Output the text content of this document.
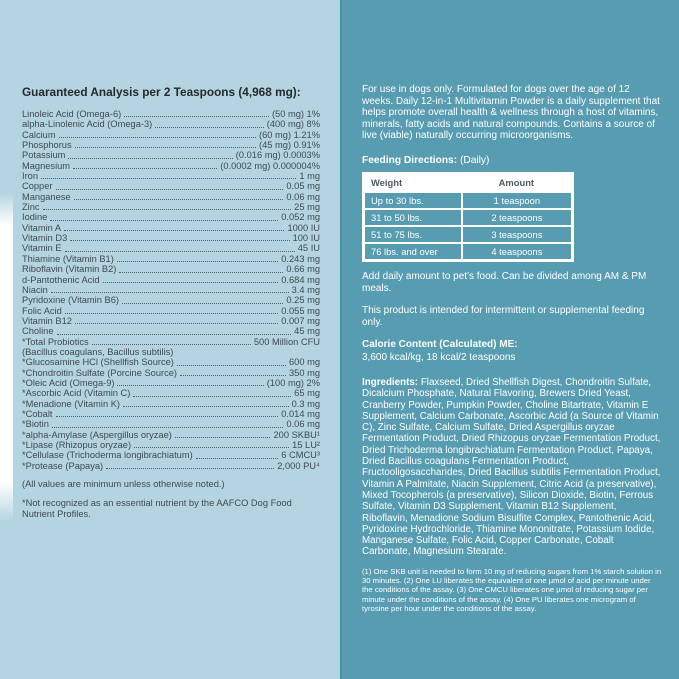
Guaranteed Analysis per 2 Teaspoons (4,968 mg):
Linoleic Acid (Omega-6)	(50 mg) 1%
alpha-Linolenic Acid (Omega-3)	(400 mg) 8%
Calcium	(60 mg) 1.21%
Phosphorus	(45 mg) 0.91%
Potassium	(0.016 mg) 0.0003%
Magnesium	(0.0002 mg) 0.000004%
Iron	1 mg
Copper	0.05 mg
Manganese	0.06 mg
Zinc	25 mg
Iodine	0.052 mg
Vitamin A	1000 IU
Vitamin D3	100 IU
Vitamin E	45 IU
Thiamine (Vitamin B1)	0.243 mg
Riboflavin (Vitamin B2)	0.66 mg
d-Pantothenic Acid	0.684 mg
Niacin	3.4 mg
Pyridoxine (Vitamin B6)	0.25 mg
Folic Acid	0.055 mg
Vitamin B12	0.007 mg
Choline	45 mg
*Total Probiotics	500 Million CFU
(Bacillus coagulans, Bacillus subtilis)
*Glucosamine HCl (Shellfish Source)	600 mg
*Chondroitin Sulfate (Porcine Source)	350 mg
*Oleic Acid (Omega-9)	(100 mg) 2%
*Ascorbic Acid (Vitamin C)	65 mg
*Menadione (Vitamin K)	0.3 mg
*Cobalt	0.014 mg
*Biotin	0.06 mg
*alpha-Amylase (Aspergillus oryzae)	200 SKBU¹
*Lipase (Rhizopus oryzae)	15 LU²
*Cellulase (Trichoderma longibrachiatum)	6 CMCU³
*Protease (Papaya)	2,000 PU⁴

(All values are minimum unless otherwise noted.)

*Not recognized as an essential nutrient by the AAFCO Dog Food Nutrient Profiles.

For use in dogs only. Formulated for dogs over the age of 12 weeks. Daily 12-in-1 Multivitamin Powder is a daily supplement that helps promote overall health & wellness through a host of vitamins, minerals, fatty acids and natural compounds. Contains a source of live (viable) naturally occurring microorganisms.

Feeding Directions: (Daily)

Weight	Amount
Up to 30 lbs.	1 teaspoon
31 to 50 lbs.	2 teaspoons
51 to 75 lbs.	3 teaspoons
76 lbs. and over	4 teaspoons

Add daily amount to pet's food. Can be divided among AM & PM meals.

This product is intended for intermittent or supplemental feeding only.

Calorie Content (Calculated) ME:

3,600 kcal/kg, 18 kcal/2 teaspoons

Ingredients: Flaxseed, Dried Shellfish Digest, Chondroitin Sulfate, Dicalcium Phosphate, Natural Flavoring, Brewers Dried Yeast, Cranberry Powder, Pumpkin Powder, Choline Bitartrate, Vitamin E Supplement, Calcium Carbonate, Ascorbic Acid (a Source of Vitamin C), Zinc Sulfate, Calcium Sulfate, Dried Aspergillus oryzae Fermentation Product, Dried Rhizopus oryzae Fermentation Product, Dried Trichoderma longibrachiatum Fermentation Product, Papaya, Dried Bacillus coagulans Fermentation Product, Fructooligosaccharides, Dried Bacillus subtilis Fermentation Product, Vitamin A Palmitate, Niacin Supplement, Citric Acid (a preservative), Mixed Tocopherols (a preservative), Silicon Dioxide, Biotin, Ferrous Sulfate, Vitamin D3 Supplement, Vitamin B12 Supplement, Riboflavin, Menadione Sodium Bisulfite Complex, Pantothenic Acid, Pyridoxine Hydrochloride, Thiamine Mononitrate, Potassium Iodide, Manganese Sulfate, Folic Acid, Copper Carbonate, Cobalt Carbonate, Magnesium Stearate.

(1) One SKB unit is needed to form 10 mg of reducing sugars from 1% starch solution in 30 minutes. (2) One LU liberates the equivalent of one µmol of acid per minute under the conditions of the assay. (3) One CMCU liberates one µmol of reducing sugar per minute under the conditions of the assay. (4) One PU liberates one microgram of tyrosine per hour under the conditions of the assay.
